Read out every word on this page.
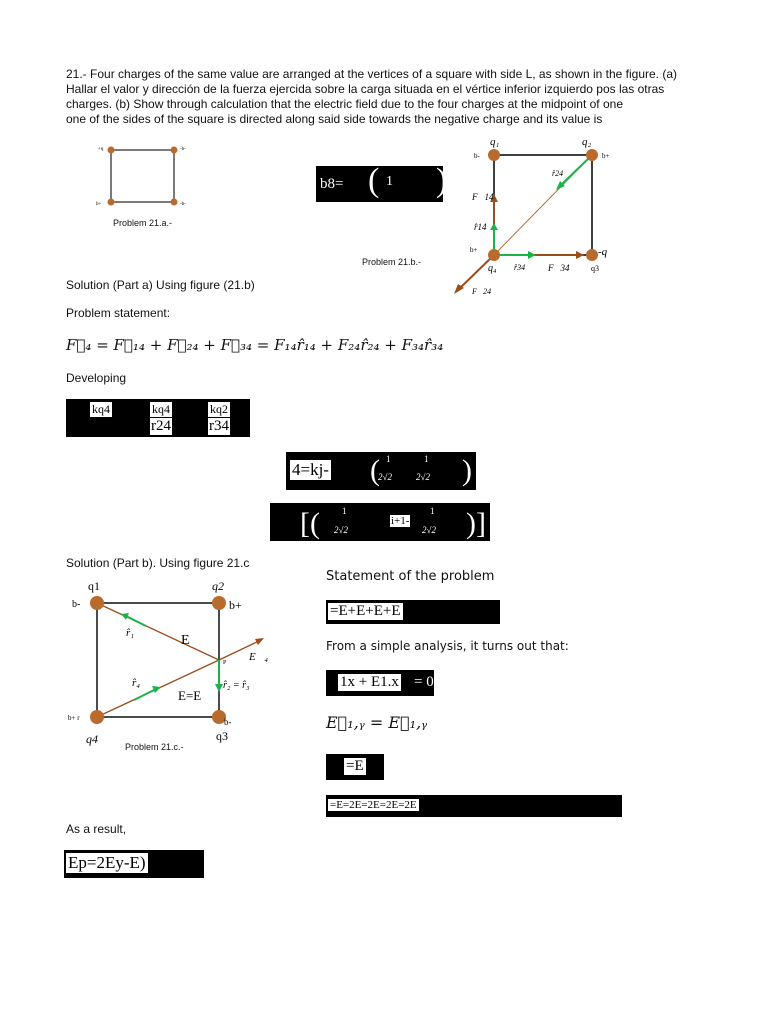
21.- Four charges of the same value are arranged at the vertices of a square with side L, as shown in the figure. (a)
Hallar el valor y dirección de la fuerza ejercida sobre la carga situada en el vértice inferior izquierdo pos las otras
charges. (b) Show through calculation that the electric field due to the four charges at the midpoint of one
one of the sides of the square is directed along said side towards the negative charge and its value is
+q	-b-
b+	-b-
Problem 21.a.-
b8= ( 1 )
q₁	q₂
b-	b+
-q
q3
q₄
b+
F⃗14
r̂14
r̂24
r̂34	F⃗34
F⃗24
Problem 21.b.-
Solution (Part a) Using figure (21.b)
Problem statement:
F⃗₄ = F⃗₁₄ + F⃗₂₄ + F⃗₃₄ = F₁₄r̂₁₄ + F₂₄r̂₂₄ + F₃₄r̂₃₄
Developing
kq4	kq4	kq2
r24	r34
4=kj- ( 1
2√2
1
2√2 )
[( 1
2√2
i+1-
1
2√2 )]
Solution (Part b). Using figure 21.c
q1	q2
b-	b+
b+ r	b-
q4	q3
r̂₁	E
E⃗₄
P
r̂₂ = r̂₃
r̂₄
E=E
Problem 21.c.-
Statement of the problem
=E+E+E+E
From a simple analysis, it turns out that:
1x + E1.x = 0
E⃗₁,ᵧ = E⃗₁,ᵧ
=E
=E=2E=2E=2E=2E
As a result,
Ep=2Ey-E)
